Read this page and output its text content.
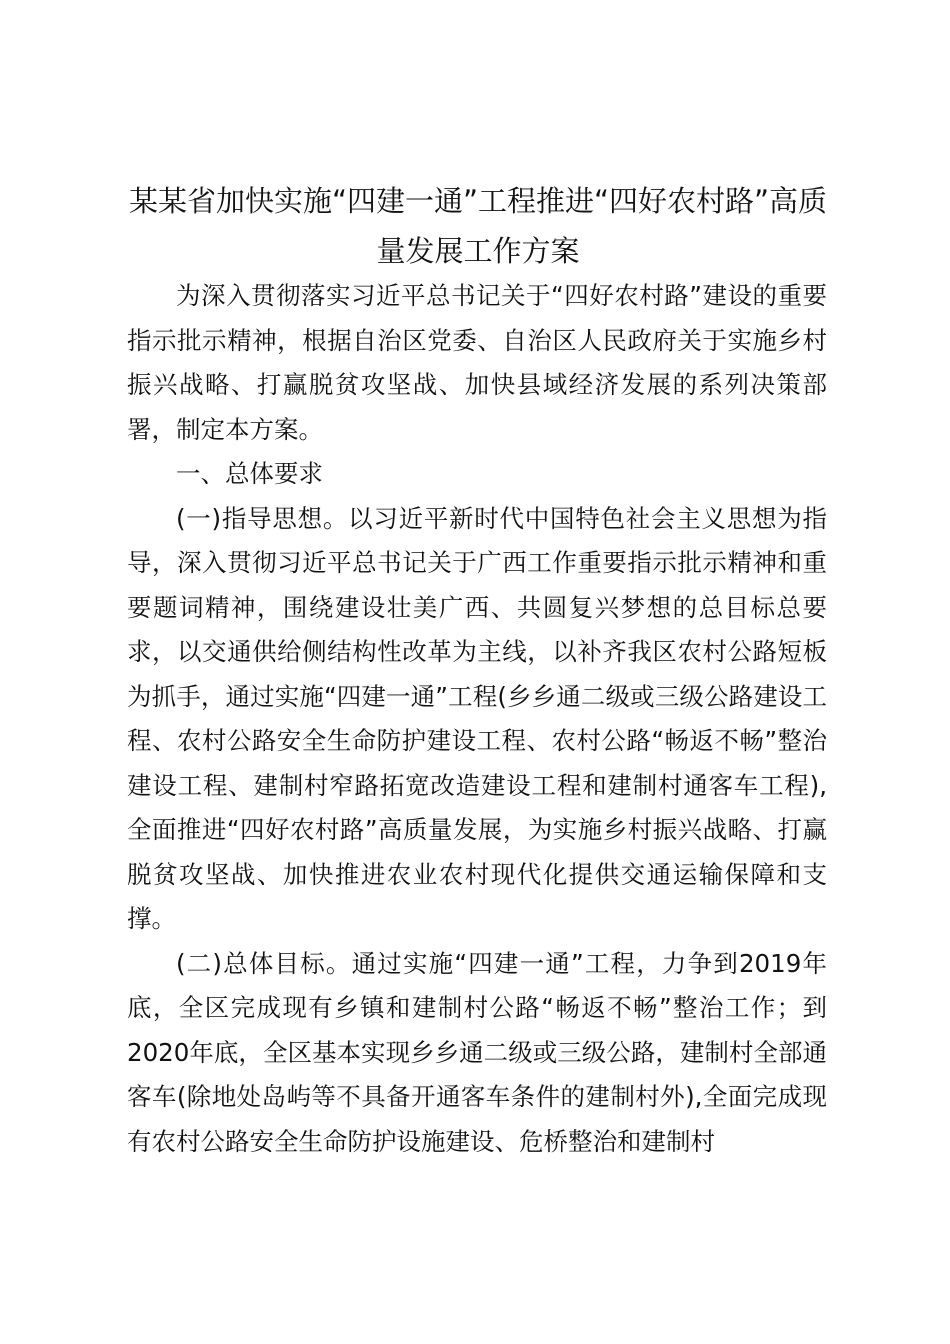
某某省加快实施“四建一通”工程推进“四好农村路”高质量发展工作方案

为深入贯彻落实习近平总书记关于“四好农村路”建设的重要指示批示精神，根据自治区党委、自治区人民政府关于实施乡村振兴战略、打赢脱贫攻坚战、加快县域经济发展的系列决策部署，制定本方案。

一、总体要求

(一)指导思想。以习近平新时代中国特色社会主义思想为指导，深入贯彻习近平总书记关于广西工作重要指示批示精神和重要题词精神，围绕建设壮美广西、共圆复兴梦想的总目标总要求，以交通供给侧结构性改革为主线，以补齐我区农村公路短板为抓手，通过实施“四建一通”工程(乡乡通二级或三级公路建设工程、农村公路安全生命防护建设工程、农村公路“畅返不畅”整治建设工程、建制村窄路拓宽改造建设工程和建制村通客车工程),全面推进“四好农村路”高质量发展，为实施乡村振兴战略、打赢脱贫攻坚战、加快推进农业农村现代化提供交通运输保障和支撑。

(二)总体目标。通过实施“四建一通”工程，力争到2019年底，全区完成现有乡镇和建制村公路“畅返不畅”整治工作；到2020年底，全区基本实现乡乡通二级或三级公路，建制村全部通客车(除地处岛屿等不具备开通客车条件的建制村外),全面完成现有农村公路安全生命防护设施建设、危桥整治和建制村
